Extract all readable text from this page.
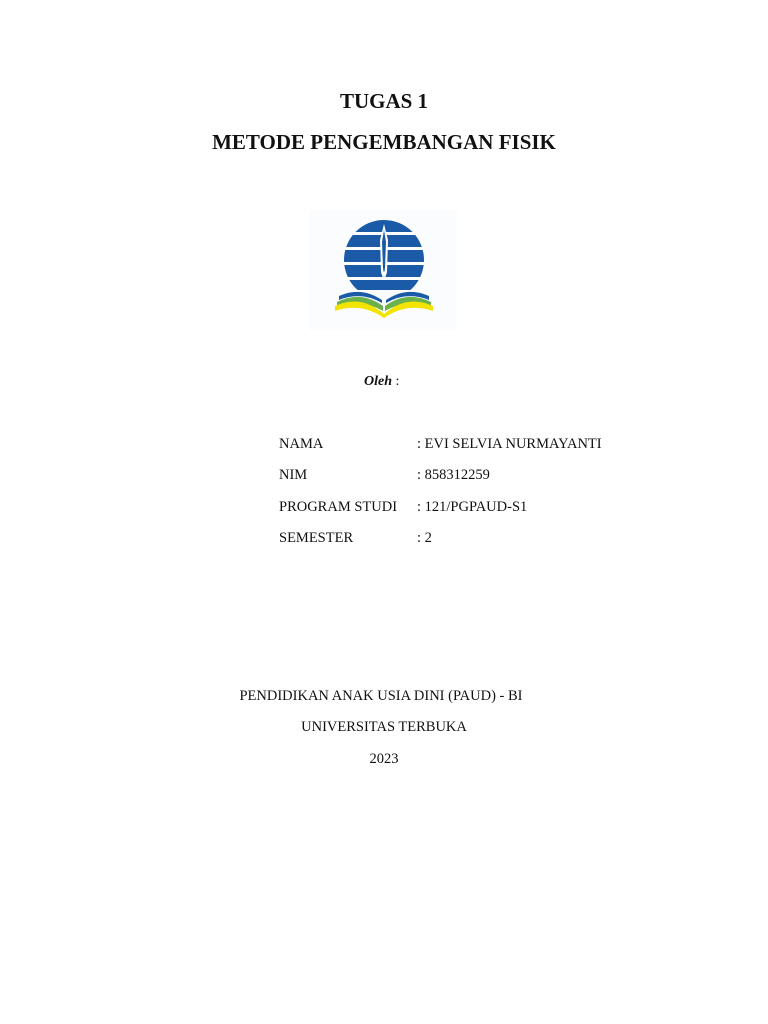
TUGAS 1
METODE PENGEMBANGAN FISIK
Oleh :
NAMA	: EVI SELVIA NURMAYANTI
NIM	: 858312259
PROGRAM STUDI : 121/PGPAUD-S1
SEMESTER	: 2

PENDIDIKAN ANAK USIA DINI (PAUD) - BI

UNIVERSITAS TERBUKA

2023
